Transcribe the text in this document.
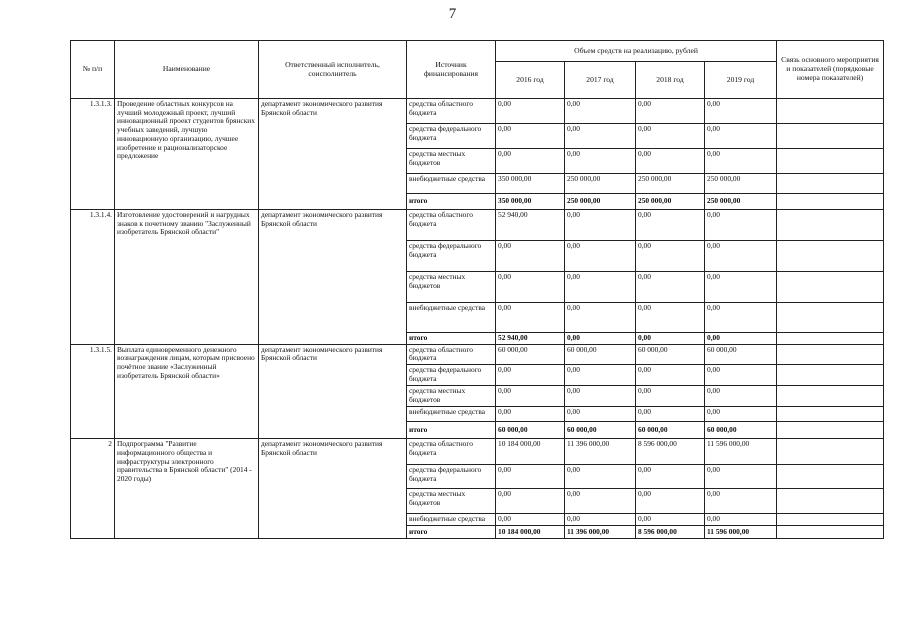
7
№ п/п	Наименование	Ответственный исполнитель, соисполнитель	Источник финансирования	Объем средств на реализацию, рублей				Связь основного мероприятия и показателей (порядковые номера показателей)
				2016 год	2017 год	2018 год	2019 год	
1.3.1.3.	Проведение областных конкурсов на лучший молодежный проект, лучший инновационный проект студентов брянских учебных заведений, лучшую инновационную организацию, лучшее изобретение и рационализаторское предложение	департамент экономического развития Брянской области	средства областного бюджета	0,00	0,00	0,00	0,00	
			средства федерального бюджета	0,00	0,00	0,00	0,00	
			средства местных бюджетов	0,00	0,00	0,00	0,00	
			внебюджетные средства	350 000,00	250 000,00	250 000,00	250 000,00	
			итого	350 000,00	250 000,00	250 000,00	250 000,00	
1.3.1.4.	Изготовление удостоверений и нагрудных знаков к почетному званию "Заслуженный изобретатель Брянской области"	департамент экономического развития Брянской области	средства областного бюджета	52 940,00	0,00	0,00	0,00	
			средства федерального бюджета	0,00	0,00	0,00	0,00	
			средства местных бюджетов	0,00	0,00	0,00	0,00	
			внебюджетные средства	0,00	0,00	0,00	0,00	
			итого	52 940,00	0,00	0,00	0,00	
1.3.1.5.	Выплата единовременного денежного вознаграждения лицам, которым присвоено почётное звание «Заслуженный изобретатель Брянской области»	департамент экономического развития Брянской области	средства областного бюджета	60 000,00	60 000,00	60 000,00	60 000,00	
			средства федерального бюджета	0,00	0,00	0,00	0,00	
			средства местных бюджетов	0,00	0,00	0,00	0,00	
			внебюджетные средства	0,00	0,00	0,00	0,00	
			итого	60 000,00	60 000,00	60 000,00	60 000,00	
2	Подпрограмма "Развитие информационного общества и инфраструктуры электронного правительства в Брянской области" (2014 - 2020 годы)	департамент экономического развития Брянской области	средства областного бюджета	10 184 000,00	11 396 000,00	8 596 000,00	11 596 000,00	
			средства федерального бюджета	0,00	0,00	0,00	0,00	
			средства местных бюджетов	0,00	0,00	0,00	0,00	
			внебюджетные средства	0,00	0,00	0,00	0,00	
			итого	10 184 000,00	11 396 000,00	8 596 000,00	11 596 000,00	
